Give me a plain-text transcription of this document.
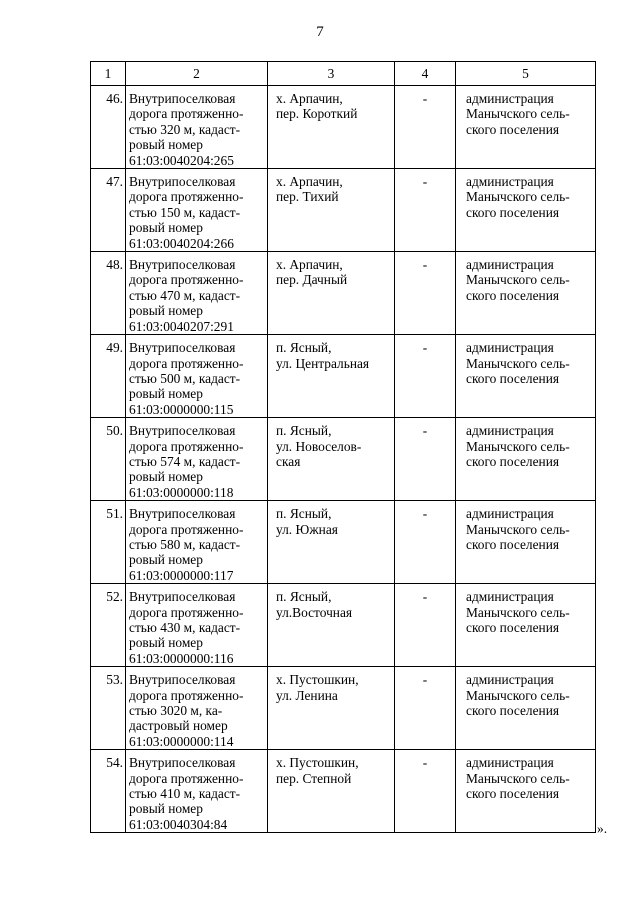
7
1	2	3	4	5

46.	Внутрипоселковая
дорога протяженно-
стью 320 м, кадаст-
ровый номер
61:03:0040204:265	х. Арпачин,
пер. Короткий	-	администрация
Манычского сель-
ского поселения

47.	Внутрипоселковая
дорога протяженно-
стью 150 м, кадаст-
ровый номер
61:03:0040204:266	х. Арпачин,
пер. Тихий	-	администрация
Манычского сель-
ского поселения

48.	Внутрипоселковая
дорога протяженно-
стью 470 м, кадаст-
ровый номер
61:03:0040207:291	х. Арпачин,
пер. Дачный	-	администрация
Манычского сель-
ского поселения

49.	Внутрипоселковая
дорога протяженно-
стью 500 м, кадаст-
ровый номер
61:03:0000000:115	п. Ясный,
ул. Центральная	-	администрация
Манычского сель-
ского поселения

50.	Внутрипоселковая
дорога протяженно-
стью 574 м, кадаст-
ровый номер
61:03:0000000:118	п. Ясный,
ул. Новоселов-
ская	-	администрация
Манычского сель-
ского поселения

51.	Внутрипоселковая
дорога протяженно-
стью 580 м, кадаст-
ровый номер
61:03:0000000:117	п. Ясный,
ул. Южная	-	администрация
Манычского сель-
ского поселения

52.	Внутрипоселковая
дорога протяженно-
стью 430 м, кадаст-
ровый номер
61:03:0000000:116	п. Ясный,
ул.Восточная	-	администрация
Манычского сель-
ского поселения

53.	Внутрипоселковая
дорога протяженно-
стью 3020 м, ка-
дастровый номер
61:03:0000000:114	х. Пустошкин,
ул. Ленина	-	администрация
Манычского сель-
ского поселения

54.	Внутрипоселковая
дорога протяженно-
стью 410 м, кадаст-
ровый номер
61:03:0040304:84	х. Пустошкин,
пер. Степной	-	администрация
Манычского сель-
ского поселения
».
